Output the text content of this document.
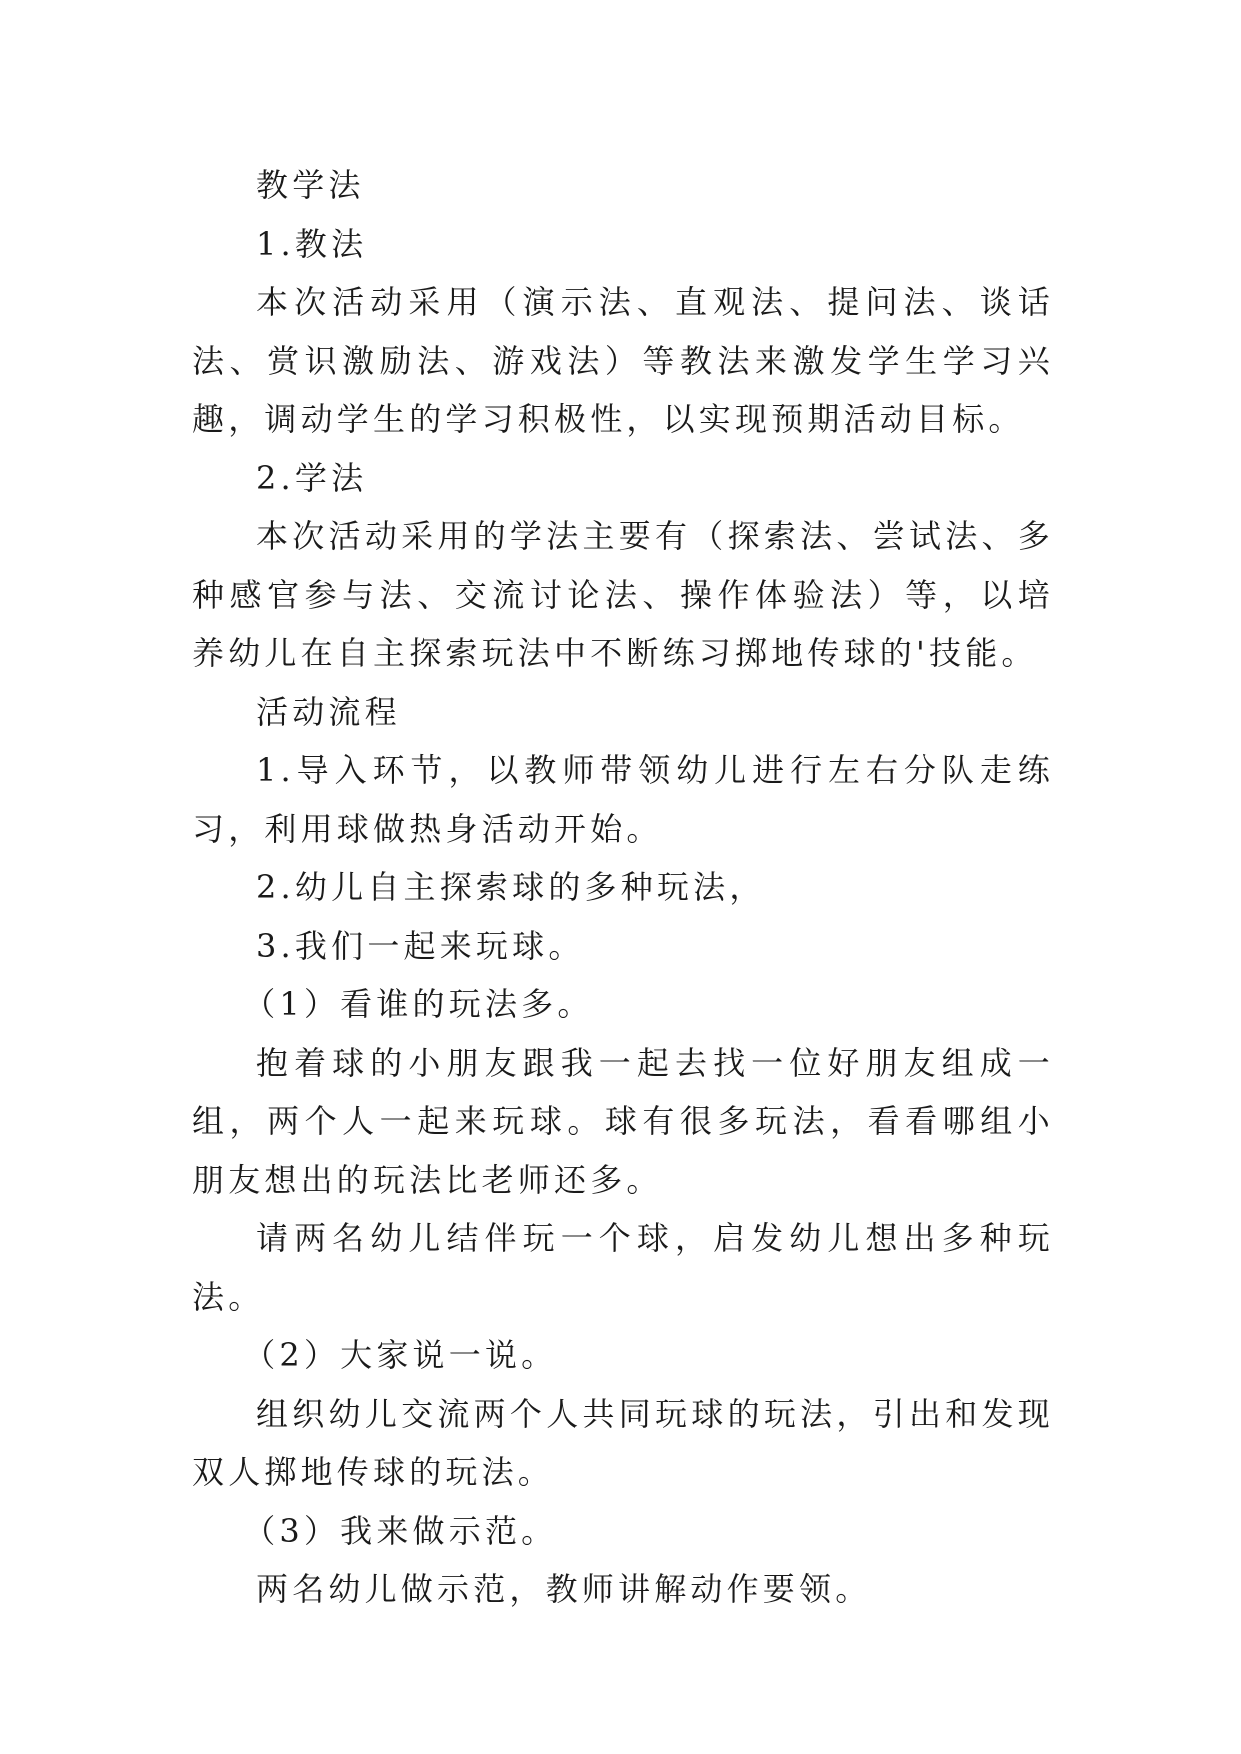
教学法

1.教法

本次活动采用（演示法、直观法、提问法、谈话法、赏识激励法、游戏法）等教法来激发学生学习兴趣，调动学生的学习积极性，以实现预期活动目标。

2.学法

本次活动采用的学法主要有（探索法、尝试法、多种感官参与法、交流讨论法、操作体验法）等，以培养幼儿在自主探索玩法中不断练习掷地传球的'技能。

活动流程

1.导入环节，以教师带领幼儿进行左右分队走练习，利用球做热身活动开始。

2.幼儿自主探索球的多种玩法，

3.我们一起来玩球。

（1）看谁的玩法多。

抱着球的小朋友跟我一起去找一位好朋友组成一组，两个人一起来玩球。球有很多玩法，看看哪组小朋友想出的玩法比老师还多。

请两名幼儿结伴玩一个球，启发幼儿想出多种玩法。

（2）大家说一说。

组织幼儿交流两个人共同玩球的玩法，引出和发现双人掷地传球的玩法。

（3）我来做示范。

两名幼儿做示范，教师讲解动作要领。
